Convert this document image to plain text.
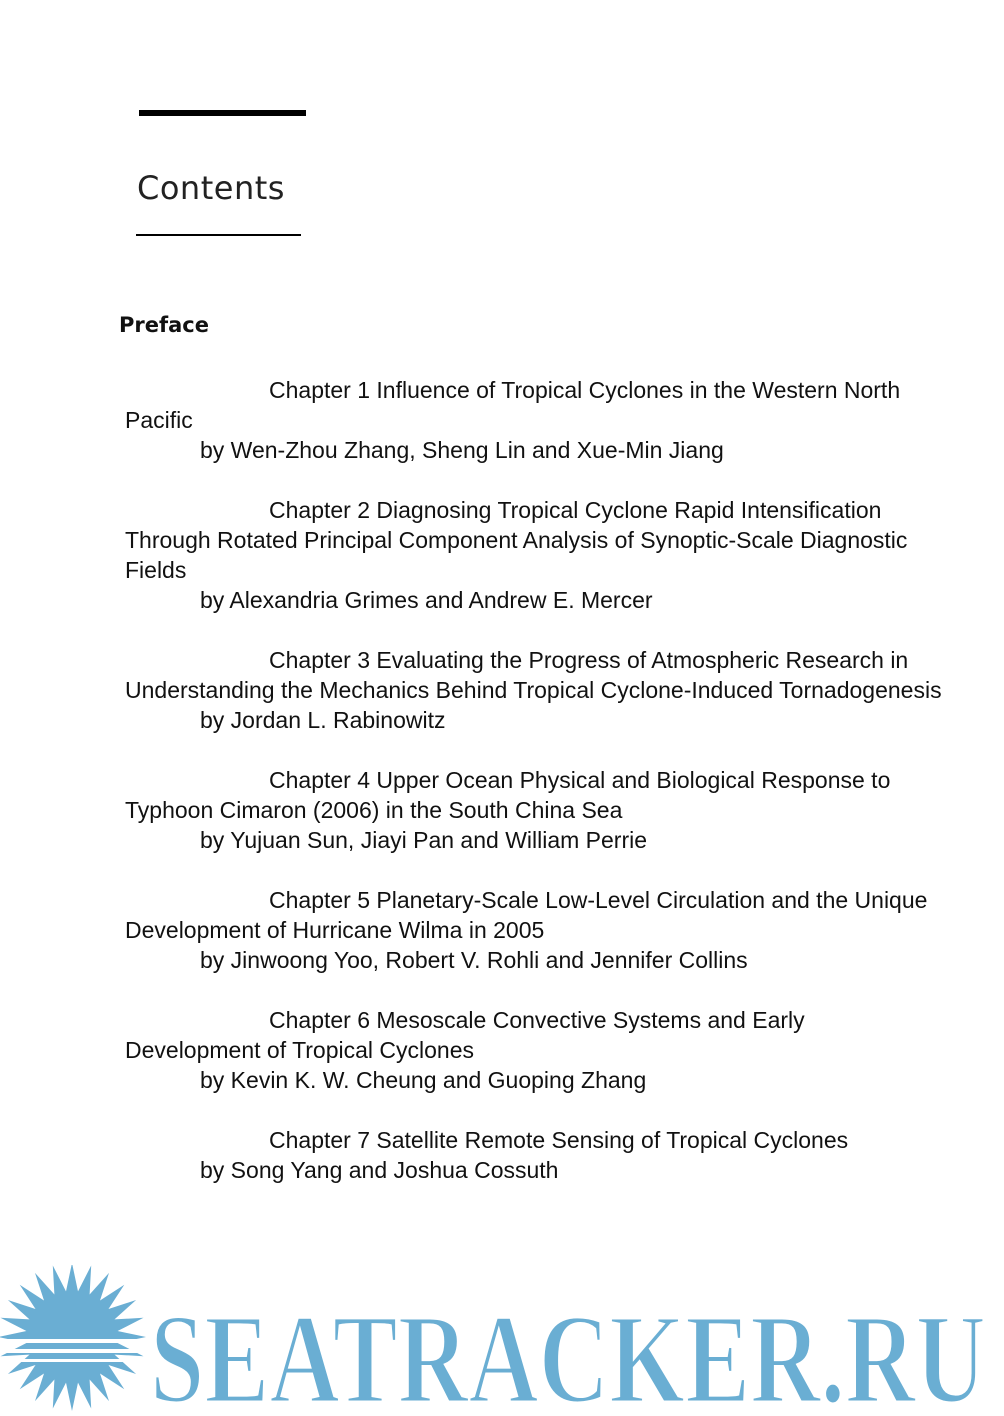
Contents
Preface
Chapter 1 Influence of Tropical Cyclones in the Western North Pacific
by Wen-Zhou Zhang, Sheng Lin and Xue-Min Jiang
Chapter 2 Diagnosing Tropical Cyclone Rapid Intensification Through Rotated Principal Component Analysis of Synoptic-Scale Diagnostic Fields
by Alexandria Grimes and Andrew E. Mercer
Chapter 3 Evaluating the Progress of Atmospheric Research in Understanding the Mechanics Behind Tropical Cyclone-Induced Tornadogenesis
by Jordan L. Rabinowitz
Chapter 4 Upper Ocean Physical and Biological Response to Typhoon Cimaron (2006) in the South China Sea
by Yujuan Sun, Jiayi Pan and William Perrie
Chapter 5 Planetary‐Scale Low‐Level Circulation and the Unique Development of Hurricane Wilma in 2005
by Jinwoong Yoo, Robert V. Rohli and Jennifer Collins
Chapter 6 Mesoscale Convective Systems and Early Development of Tropical Cyclones
by Kevin K. W. Cheung and Guoping Zhang
Chapter 7 Satellite Remote Sensing of Tropical Cyclones
by Song Yang and Joshua Cossuth
SEATRACKER.RU
